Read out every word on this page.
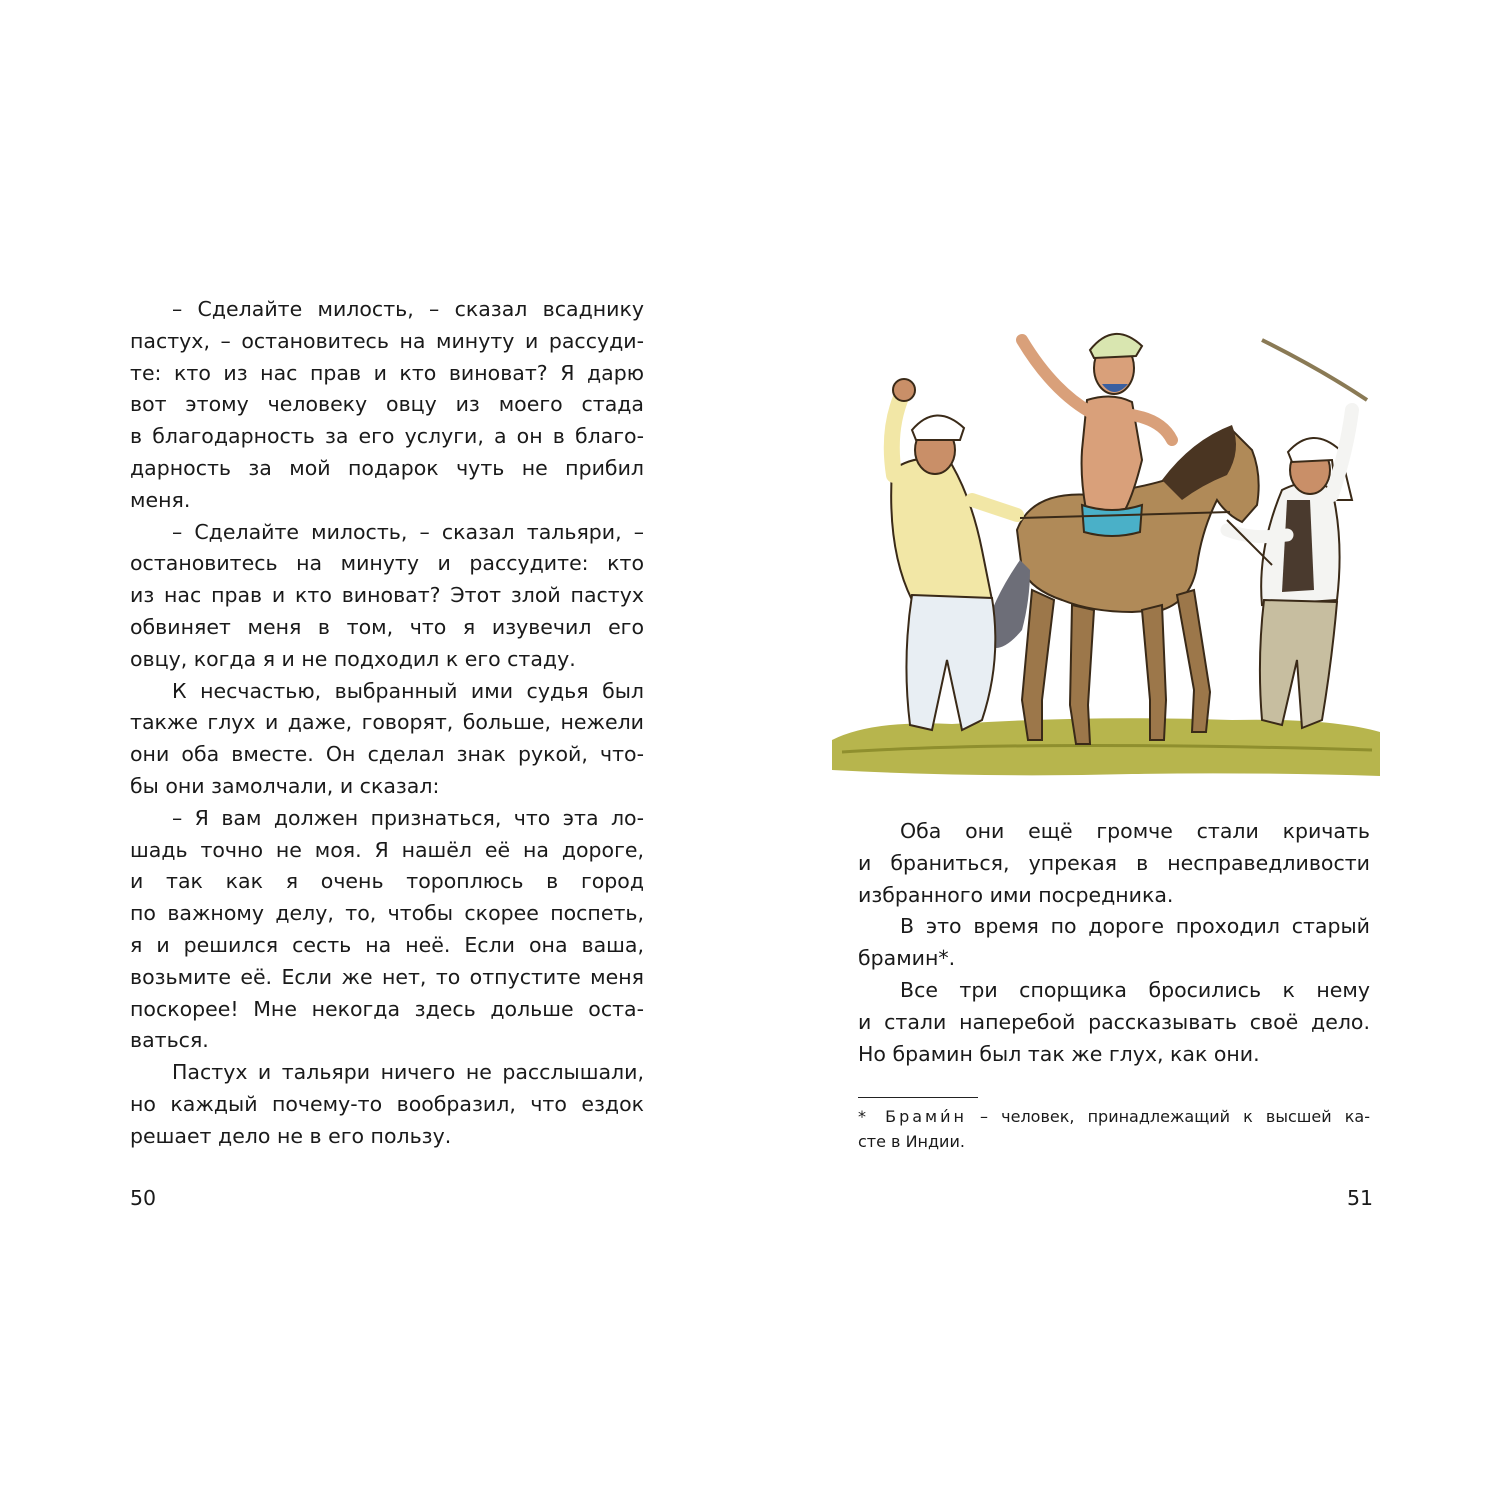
– Сделайте милость, – сказал всаднику
пастух, – остановитесь на минуту и рассуди-
те: кто из нас прав и кто виноват? Я дарю
вот этому человеку овцу из моего стада
в благодарность за его услуги, а он в благо-
дарность за мой подарок чуть не прибил
меня.
– Сделайте милость, – сказал тальяри, –
остановитесь на минуту и рассудите: кто
из нас прав и кто виноват? Этот злой пастух
обвиняет меня в том, что я изувечил его
овцу, когда я и не подходил к его стаду.
К несчастью, выбранный ими судья был
также глух и даже, говорят, больше, нежели
они оба вместе. Он сделал знак рукой, что-
бы они замолчали, и сказал:
– Я вам должен признаться, что эта ло-
шадь точно не моя. Я нашёл её на дороге,
и так как я очень тороплюсь в город
по важному делу, то, чтобы скорее поспеть,
я и решился сесть на неё. Если она ваша,
возьмите её. Если же нет, то отпустите меня
поскорее! Мне некогда здесь дольше оста-
ваться.
Пастух и тальяри ничего не расслышали,
но каждый почему-то вообразил, что ездок
решает дело не в его пользу.
50
Оба они ещё громче стали кричать
и браниться, упрекая в несправедливости
избранного ими посредника.
В это время по дороге проходил старый
брамин*.
Все три спорщика бросились к нему
и стали наперебой рассказывать своё дело.
Но брамин был так же глух, как они.
* Брами́н – человек, принадлежащий к высшей ка-
сте в Индии.
51
